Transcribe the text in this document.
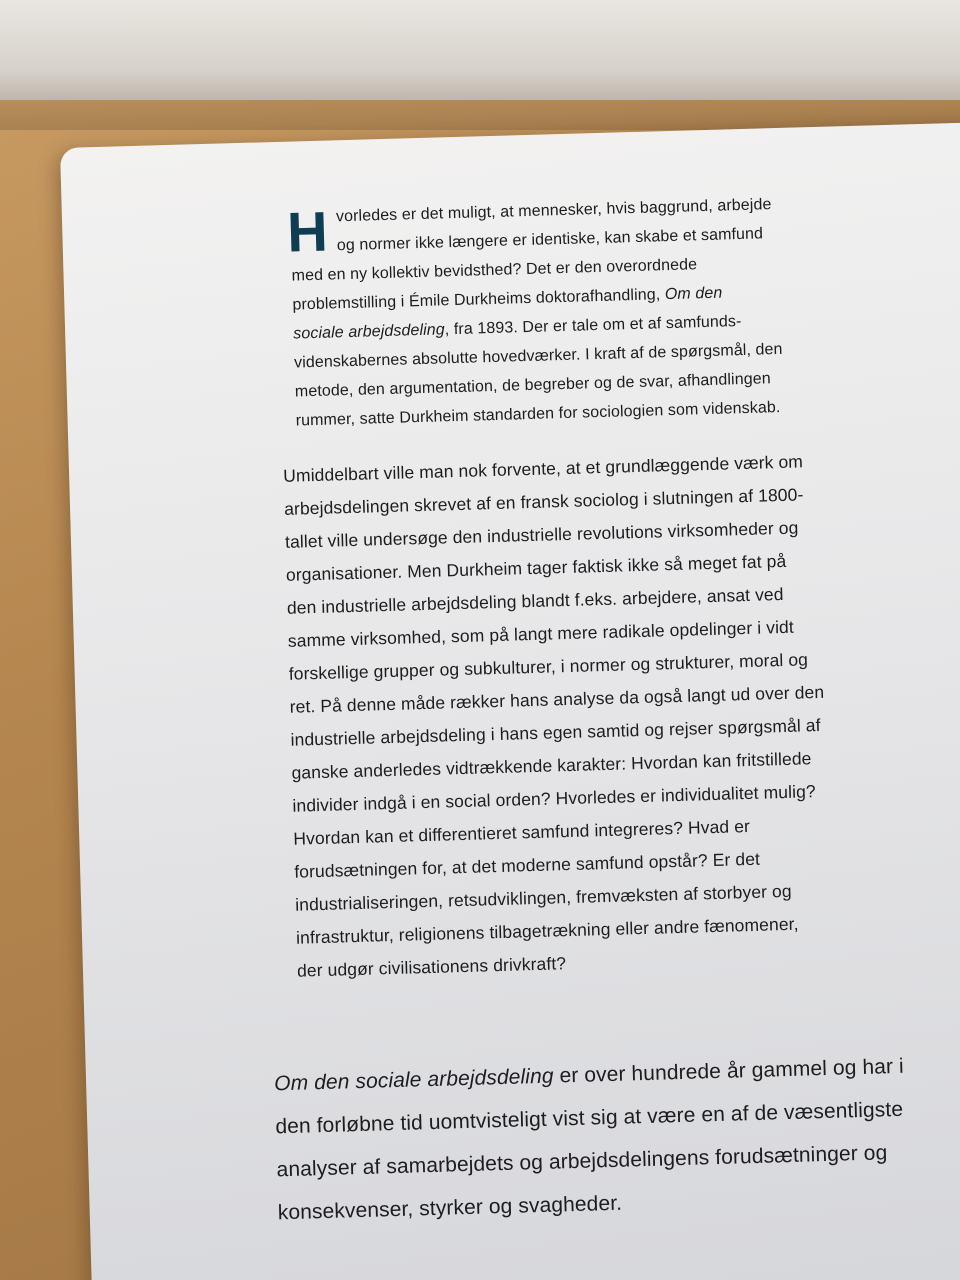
H vorledes er det muligt, at mennesker, hvis baggrund, arbejde
og normer ikke længere er identiske, kan skabe et samfund
med en ny kollektiv bevidsthed? Det er den overordnede
problemstilling i Émile Durkheims doktorafhandling, Om den
sociale arbejdsdeling, fra 1893. Der er tale om et af samfunds-
videnskabernes absolutte hovedværker. I kraft af de spørgsmål, den
metode, den argumentation, de begreber og de svar, afhandlingen
rummer, satte Durkheim standarden for sociologien som videnskab.
Umiddelbart ville man nok forvente, at et grundlæggende værk om
arbejdsdelingen skrevet af en fransk sociolog i slutningen af 1800-
tallet ville undersøge den industrielle revolutions virksomheder og
organisationer. Men Durkheim tager faktisk ikke så meget fat på
den industrielle arbejdsdeling blandt f.eks. arbejdere, ansat ved
samme virksomhed, som på langt mere radikale opdelinger i vidt
forskellige grupper og subkulturer, i normer og strukturer, moral og
ret. På denne måde rækker hans analyse da også langt ud over den
industrielle arbejdsdeling i hans egen samtid og rejser spørgsmål af
ganske anderledes vidtrækkende karakter: Hvordan kan fritstillede
individer indgå i en social orden? Hvorledes er individualitet mulig?
Hvordan kan et differentieret samfund integreres? Hvad er
forudsætningen for, at det moderne samfund opstår? Er det
industrialiseringen, retsudviklingen, fremvæksten af storbyer og
infrastruktur, religionens tilbagetrækning eller andre fænomener,
der udgør civilisationens drivkraft?
Om den sociale arbejdsdeling er over hundrede år gammel og har i
den forløbne tid uomtvisteligt vist sig at være en af de væsentligste
analyser af samarbejdets og arbejdsdelingens forudsætninger og
konsekvenser, styrker og svagheder.
